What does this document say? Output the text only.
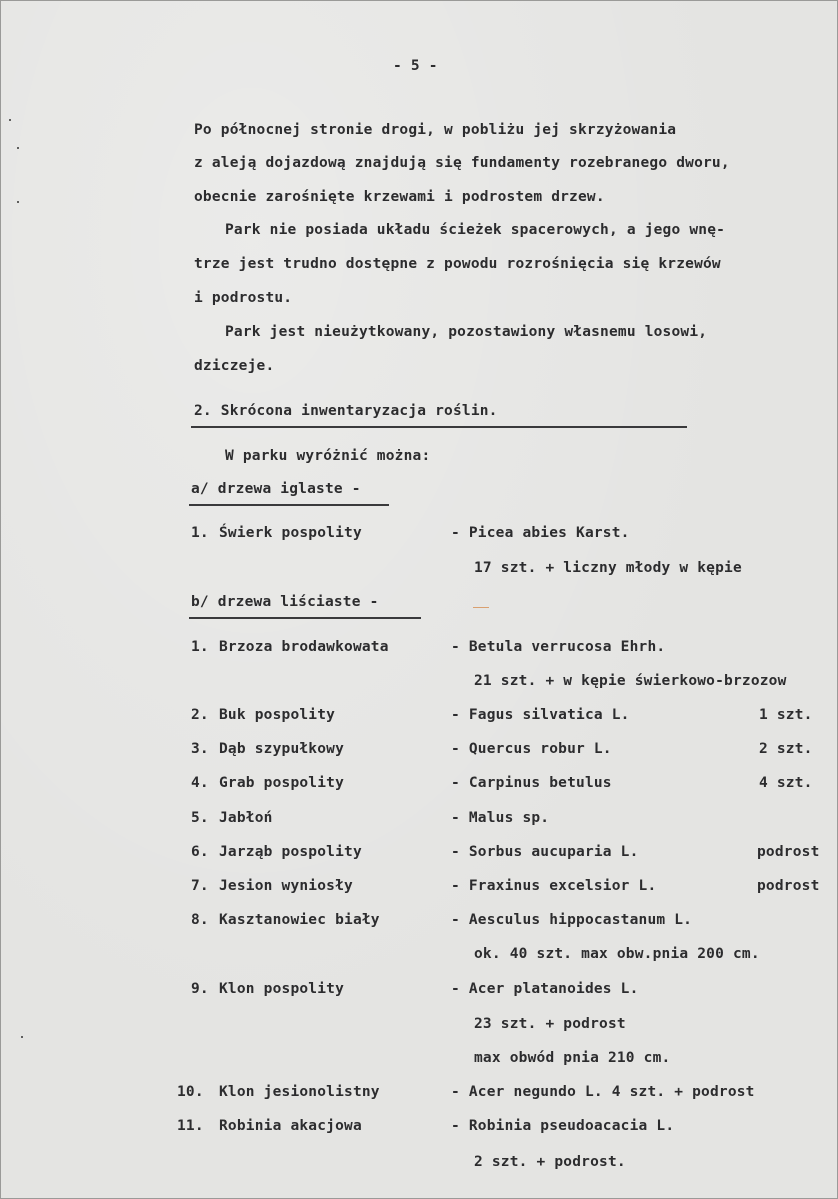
- 5 -
Po północnej stronie drogi, w pobliżu jej skrzyżowania
z aleją dojazdową znajdują się fundamenty rozebranego dworu,
obecnie zarośnięte krzewami i podrostem drzew.
Park nie posiada układu ścieżek spacerowych, a jego wnę-
trze jest trudno dostępne z powodu rozrośnięcia się krzewów
i podrostu.
Park jest nieużytkowany, pozostawiony własnemu losowi,
dziczeje.
2. Skrócona inwentaryzacja roślin.
W parku wyróżnić można:
a/ drzewa iglaste -
1. Świerk pospolity	- Picea abies Karst.
17 szt. + liczny młody w kępie
b/ drzewa liściaste -
1. Brzoza brodawkowata	- Betula verrucosa Ehrh.
21 szt. + w kępie świerkowo-brzozow
2. Buk pospolity	- Fagus silvatica L.	1 szt.
3. Dąb szypułkowy	- Quercus robur L.	2 szt.
4. Grab pospolity	- Carpinus betulus	4 szt.
5. Jabłoń	- Malus sp.
6. Jarząb pospolity	- Sorbus aucuparia L.	podrost
7. Jesion wyniosły	- Fraxinus excelsior L.	podrost
8. Kasztanowiec biały	- Aesculus hippocastanum L.
ok. 40 szt. max obw.pnia 200 cm.
9. Klon pospolity	- Acer platanoides L.
23 szt. + podrost
max obwód pnia 210 cm.
10. Klon jesionolistny	- Acer negundo L. 4 szt. + podrost
11. Robinia akacjowa	- Robinia pseudoacacia L.
2 szt. + podrost.
